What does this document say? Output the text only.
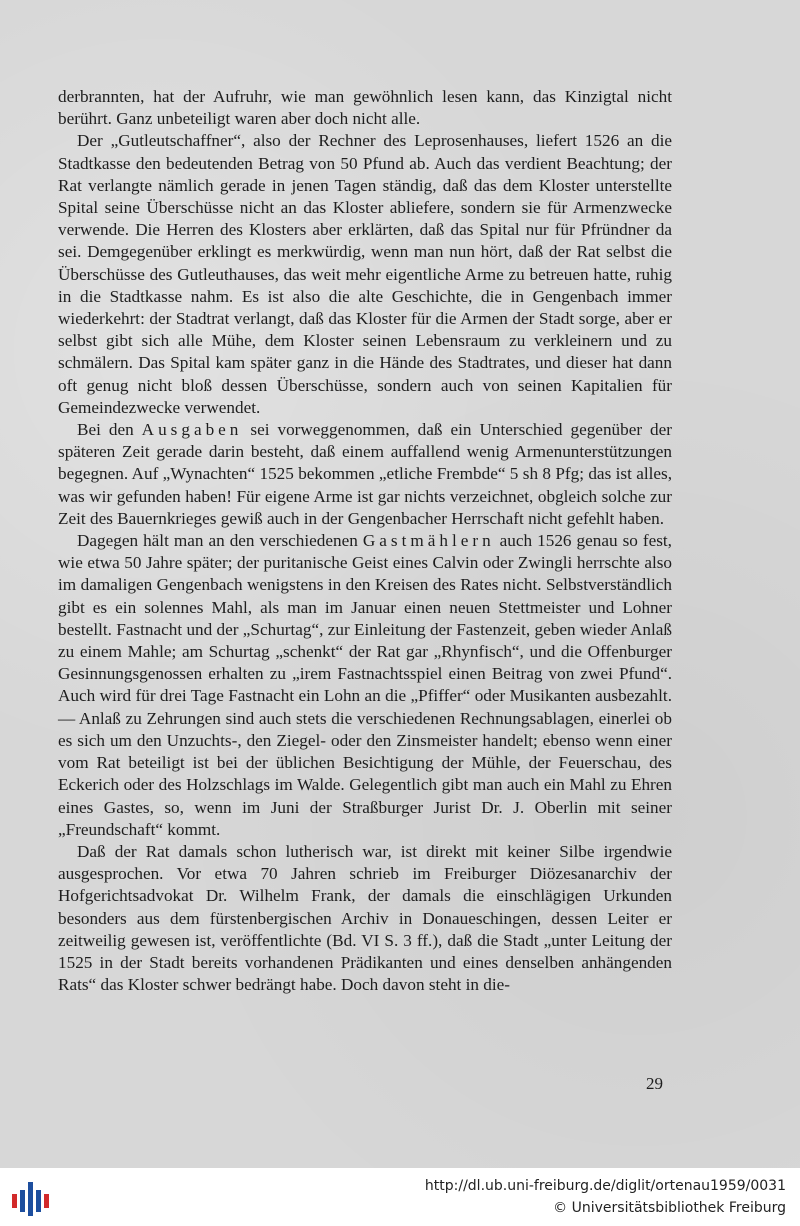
derbrannten, hat der Aufruhr, wie man gewöhnlich lesen kann, das Kinzigtal nicht berührt. Ganz unbeteiligt waren aber doch nicht alle.

Der „Gutleutschaffner“, also der Rechner des Leprosenhauses, liefert 1526 an die Stadtkasse den bedeutenden Betrag von 50 Pfund ab. Auch das verdient Beachtung; der Rat verlangte nämlich gerade in jenen Tagen ständig, daß das dem Kloster unterstellte Spital seine Überschüsse nicht an das Kloster abliefere, sondern sie für Armenzwecke verwende. Die Herren des Klosters aber erklärten, daß das Spital nur für Pfründner da sei. Demgegenüber erklingt es merkwürdig, wenn man nun hört, daß der Rat selbst die Überschüsse des Gutleuthauses, das weit mehr eigentliche Arme zu betreuen hatte, ruhig in die Stadtkasse nahm. Es ist also die alte Geschichte, die in Gengenbach immer wiederkehrt: der Stadtrat verlangt, daß das Kloster für die Armen der Stadt sorge, aber er selbst gibt sich alle Mühe, dem Kloster seinen Lebensraum zu verkleinern und zu schmälern. Das Spital kam später ganz in die Hände des Stadtrates, und dieser hat dann oft genug nicht bloß dessen Überschüsse, sondern auch von seinen Kapitalien für Gemeindezwecke verwendet.

Bei den Ausgaben sei vorweggenommen, daß ein Unterschied gegenüber der späteren Zeit gerade darin besteht, daß einem auffallend wenig Armenunterstützungen begegnen. Auf „Wynachten“ 1525 bekommen „etliche Frembde“ 5 sh 8 Pfg; das ist alles, was wir gefunden haben! Für eigene Arme ist gar nichts verzeichnet, obgleich solche zur Zeit des Bauernkrieges gewiß auch in der Gengenbacher Herrschaft nicht gefehlt haben.

Dagegen hält man an den verschiedenen Gastmählern auch 1526 genau so fest, wie etwa 50 Jahre später; der puritanische Geist eines Calvin oder Zwingli herrschte also im damaligen Gengenbach wenigstens in den Kreisen des Rates nicht. Selbstverständlich gibt es ein solennes Mahl, als man im Januar einen neuen Stettmeister und Lohner bestellt. Fastnacht und der „Schurtag“, zur Einleitung der Fastenzeit, geben wieder Anlaß zu einem Mahle; am Schurtag „schenkt“ der Rat gar „Rhynfisch“, und die Offenburger Gesinnungsgenossen erhalten zu „irem Fastnachtsspiel einen Beitrag von zwei Pfund“. Auch wird für drei Tage Fastnacht ein Lohn an die „Pfiffer“ oder Musikanten ausbezahlt. — Anlaß zu Zehrungen sind auch stets die verschiedenen Rechnungsablagen, einerlei ob es sich um den Unzuchts-, den Ziegel- oder den Zinsmeister handelt; ebenso wenn einer vom Rat beteiligt ist bei der üblichen Besichtigung der Mühle, der Feuerschau, des Eckerich oder des Holzschlags im Walde. Gelegentlich gibt man auch ein Mahl zu Ehren eines Gastes, so, wenn im Juni der Straßburger Jurist Dr. J. Oberlin mit seiner „Freundschaft“ kommt.

Daß der Rat damals schon lutherisch war, ist direkt mit keiner Silbe irgendwie ausgesprochen. Vor etwa 70 Jahren schrieb im Freiburger Diözesanarchiv der Hofgerichtsadvokat Dr. Wilhelm Frank, der damals die einschlägigen Urkunden besonders aus dem fürstenbergischen Archiv in Donaueschingen, dessen Leiter er zeitweilig gewesen ist, veröffentlichte (Bd. VI S. 3 ff.), daß die Stadt „unter Leitung der 1525 in der Stadt bereits vorhandenen Prädikanten und eines denselben anhängenden Rats“ das Kloster schwer bedrängt habe. Doch davon steht in die-

29
http://dl.ub.uni-freiburg.de/diglit/ortenau1959/0031
© Universitätsbibliothek Freiburg
